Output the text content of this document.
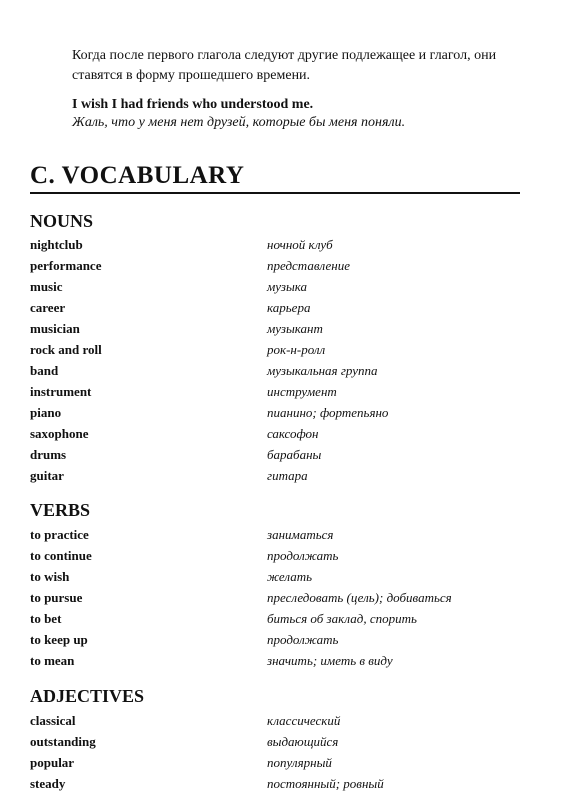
Когда после первого глагола следуют другие подлежащее и глагол, они ставятся в форму прошедшего времени.

I wish I had friends who understood me.
Жаль, что у меня нет друзей, которые бы меня поняли.
C. VOCABULARY
NOUNS
nightclub	ночной клуб
performance	представление
music	музыка
career	карьера
musician	музыкант
rock and roll	рок-н-ролл
band	музыкальная группа
instrument	инструмент
piano	пианино; фортепьяно
saxophone	саксофон
drums	барабаны
guitar	гитара
VERBS
to practice	заниматься
to continue	продолжать
to wish	желать
to pursue	преследовать (цель); добиваться
to bet	биться об заклад, спорить
to keep up	продолжать
to mean	значить; иметь в виду
ADJECTIVES
classical	классический
outstanding	выдающийся
popular	популярный
steady	постоянный; ровный
